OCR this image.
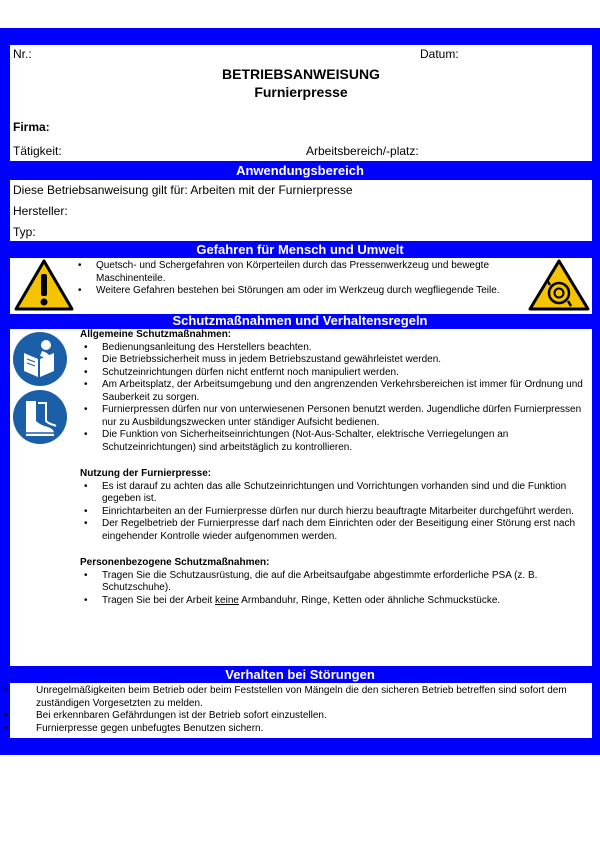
Nr.:	Datum:
BETRIEBSANWEISUNG
Furnierpresse
Firma:
Tätigkeit:	Arbeitsbereich/-platz:
Anwendungsbereich
Diese Betriebsanweisung gilt für: Arbeiten mit der Furnierpresse
Hersteller:
Typ:
Gefahren für Mensch und Umwelt
• Quetsch- und Schergefahren von Körperteilen durch das Pressenwerkzeug und bewegte Maschinenteile.
• Weitere Gefahren bestehen bei Störungen am oder im Werkzeug durch wegfliegende Teile.
Schutzmaßnahmen und Verhaltensregeln
Allgemeine Schutzmaßnahmen:
• Bedienungsanleitung des Herstellers beachten.
• Die Betriebssicherheit muss in jedem Betriebszustand gewährleistet werden.
• Schutzeinrichtungen dürfen nicht entfernt noch manipuliert werden.
• Am Arbeitsplatz, der Arbeitsumgebung und den angrenzenden Verkehrsbereichen ist immer für Ordnung und Sauberkeit zu sorgen.
• Furnierpressen dürfen nur von unterwiesenen Personen benutzt werden. Jugendliche dürfen Furnierpressen nur zu Ausbildungszwecken unter ständiger Aufsicht bedienen.
• Die Funktion von Sicherheitseinrichtungen (Not-Aus-Schalter, elektrische Verriegelungen an Schutzeinrichtungen) sind arbeitstäglich zu kontrollieren.
Nutzung der Furnierpresse:
• Es ist darauf zu achten das alle Schutzeinrichtungen und Vorrichtungen vorhanden sind und die Funktion gegeben ist.
• Einrichtarbeiten an der Furnierpresse dürfen nur durch hierzu beauftragte Mitarbeiter durchgeführt werden.
• Der Regelbetrieb der Furnierpresse darf nach dem Einrichten oder der Beseitigung einer Störung erst nach eingehender Kontrolle wieder aufgenommen werden.
Personenbezogene Schutzmaßnahmen:
• Tragen Sie die Schutzausrüstung, die auf die Arbeitsaufgabe abgestimmte erforderliche PSA (z. B. Schutzschuhe).
• Tragen Sie bei der Arbeit keine Armbanduhr, Ringe, Ketten oder ähnliche Schmuckstücke.
Verhalten bei Störungen
• Unregelmäßigkeiten beim Betrieb oder beim Feststellen von Mängeln die den sicheren Betrieb betreffen sind sofort dem zuständigen Vorgesetzten zu melden.
• Bei erkennbaren Gefährdungen ist der Betrieb sofort einzustellen.
• Furnierpresse gegen unbefugtes Benutzen sichern.
